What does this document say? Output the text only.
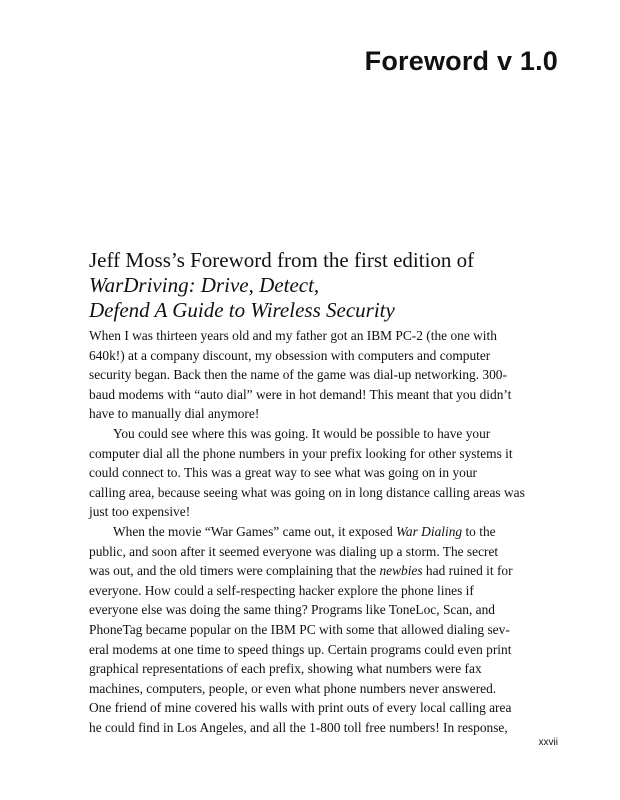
Foreword v 1.0
Jeff Moss’s Foreword from the first edition of
WarDriving: Drive, Detect,
Defend A Guide to Wireless Security

When I was thirteen years old and my father got an IBM PC-2 (the one with
640k!) at a company discount, my obsession with computers and computer
security began. Back then the name of the game was dial-up networking. 300-
baud modems with “auto dial” were in hot demand! This meant that you didn’t
have to manually dial anymore!

You could see where this was going. It would be possible to have your
computer dial all the phone numbers in your prefix looking for other systems it
could connect to. This was a great way to see what was going on in your
calling area, because seeing what was going on in long distance calling areas was
just too expensive!

When the movie “War Games” came out, it exposed War Dialing to the
public, and soon after it seemed everyone was dialing up a storm. The secret
was out, and the old timers were complaining that the newbies had ruined it for
everyone. How could a self-respecting hacker explore the phone lines if
everyone else was doing the same thing? Programs like ToneLoc, Scan, and
PhoneTag became popular on the IBM PC with some that allowed dialing sev-
eral modems at one time to speed things up. Certain programs could even print
graphical representations of each prefix, showing what numbers were fax
machines, computers, people, or even what phone numbers never answered.
One friend of mine covered his walls with print outs of every local calling area
he could find in Los Angeles, and all the 1-800 toll free numbers! In response,

xxvii
